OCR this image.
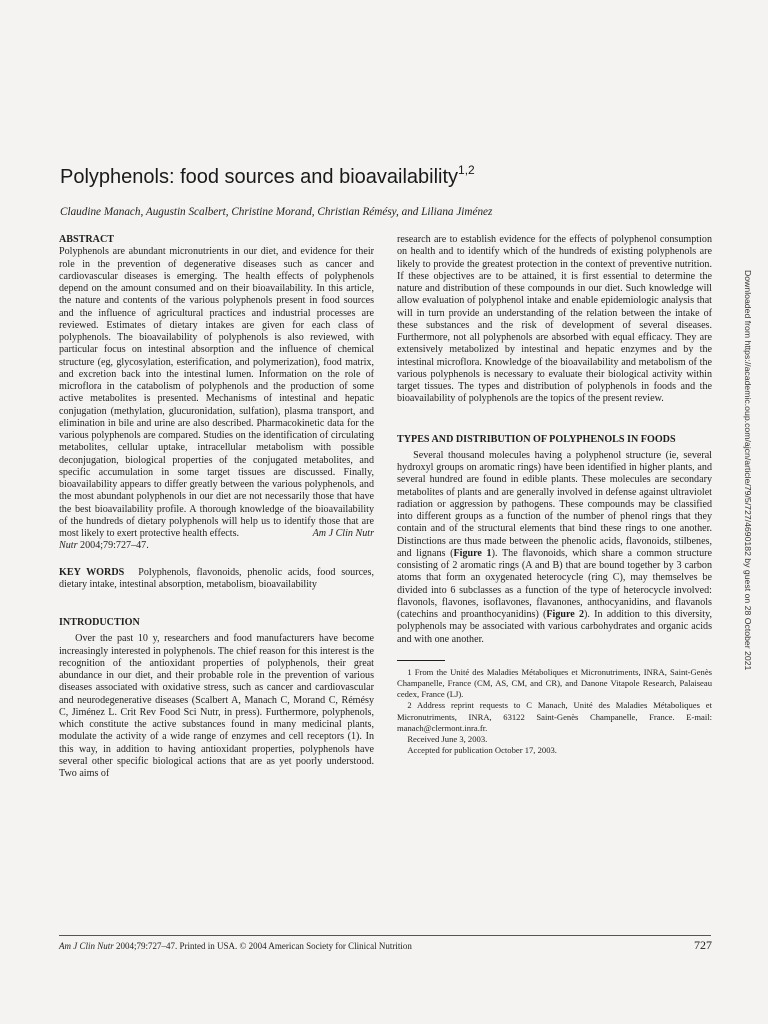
Polyphenols: food sources and bioavailability$^{1,2}$
Claudine Manach, Augustin Scalbert, Christine Morand, Christian Rémésy, and Liliana Jiménez
ABSTRACT

Polyphenols are abundant micronutrients in our diet, and evidence for their role in the prevention of degenerative diseases such as cancer and cardiovascular diseases is emerging. The health effects of polyphenols depend on the amount consumed and on their bioavailability. In this article, the nature and contents of the various polyphenols present in food sources and the influence of agricultural practices and industrial processes are reviewed. Estimates of dietary intakes are given for each class of polyphenols. The bioavailability of polyphenols is also reviewed, with particular focus on intestinal absorption and the influence of chemical structure (eg, glycosylation, esterification, and polymerization), food matrix, and excretion back into the intestinal lumen. Information on the role of microflora in the catabolism of polyphenols and the production of some active metabolites is presented. Mechanisms of intestinal and hepatic conjugation (methylation, glucuronidation, sulfation), plasma transport, and elimination in bile and urine are also described. Pharmacokinetic data for the various polyphenols are compared. Studies on the identification of circulating metabolites, cellular uptake, intracellular metabolism with possible deconjugation, biological properties of the conjugated metabolites, and specific accumulation in some target tissues are discussed. Finally, bioavailability appears to differ greatly between the various polyphenols, and the most abundant polyphenols in our diet are not necessarily those that have the best bioavailability profile. A thorough knowledge of the bioavailability of the hundreds of dietary polyphenols will help us to identify those that are most likely to exert protective health effects.	Am J Clin Nutr

Nutr 2004;79:727–47.

KEY WORDS Polyphenols, flavonoids, phenolic acids, food sources, dietary intake, intestinal absorption, metabolism, bioavailability

INTRODUCTION

Over the past 10 y, researchers and food manufacturers have become increasingly interested in polyphenols. The chief reason for this interest is the recognition of the antioxidant properties of polyphenols, their great abundance in our diet, and their probable role in the prevention of various diseases associated with oxidative stress, such as cancer and cardiovascular and neurodegenerative diseases (Scalbert A, Manach C, Morand C, Rémésy C, Jiménez L. Crit Rev Food Sci Nutr, in press). Furthermore, polyphenols, which constitute the active substances found in many medicinal plants, modulate the activity of a wide range of enzymes and cell receptors (1). In this way, in addition to having antioxidant properties, polyphenols have several other specific biological actions that are as yet poorly understood. Two aims of

research are to establish evidence for the effects of polyphenol consumption on health and to identify which of the hundreds of existing polyphenols are likely to provide the greatest protection in the context of preventive nutrition. If these objectives are to be attained, it is first essential to determine the nature and distribution of these compounds in our diet. Such knowledge will allow evaluation of polyphenol intake and enable epidemiologic analysis that will in turn provide an understanding of the relation between the intake of these substances and the risk of development of several diseases. Furthermore, not all polyphenols are absorbed with equal efficacy. They are extensively metabolized by intestinal and hepatic enzymes and by the intestinal microflora. Knowledge of the bioavailability and metabolism of the various polyphenols is necessary to evaluate their biological activity within target tissues. The types and distribution of polyphenols in foods and the bioavailability of polyphenols are the topics of the present review.

TYPES AND DISTRIBUTION OF POLYPHENOLS IN FOODS

Several thousand molecules having a polyphenol structure (ie, several hydroxyl groups on aromatic rings) have been identified in higher plants, and several hundred are found in edible plants. These molecules are secondary metabolites of plants and are generally involved in defense against ultraviolet radiation or aggression by pathogens. These compounds may be classified into different groups as a function of the number of phenol rings that they contain and of the structural elements that bind these rings to one another. Distinctions are thus made between the phenolic acids, flavonoids, stilbenes, and lignans (Figure 1). The flavonoids, which share a common structure consisting of 2 aromatic rings (A and B) that are bound together by 3 carbon atoms that form an oxygenated heterocycle (ring C), may themselves be divided into 6 subclasses as a function of the type of heterocycle involved: flavonols, flavones, isoflavones, flavanones, anthocyanidins, and flavanols (catechins and proanthocyanidins) (Figure 2). In addition to this diversity, polyphenols may be associated with various carbohydrates and organic acids and with one another.

1 From the Unité des Maladies Métaboliques et Micronutriments, INRA, Saint-Genès Champanelle, France (CM, AS, CM, and CR), and Danone Vitapole Research, Palaiseau cedex, France (LJ).

2 Address reprint requests to C Manach, Unité des Maladies Métaboliques et Micronutriments, INRA, 63122 Saint-Genès Champanelle, France. E-mail: manach@clermont.inra.fr.

Received June 3, 2003.

Accepted for publication October 17, 2003.

Am J Clin Nutr 2004;79:727–47. Printed in USA. © 2004 American Society for Clinical Nutrition	727
Downloaded from https://academic.oup.com/ajcn/article/79/5/727/4690182 by guest on 28 October 2021
